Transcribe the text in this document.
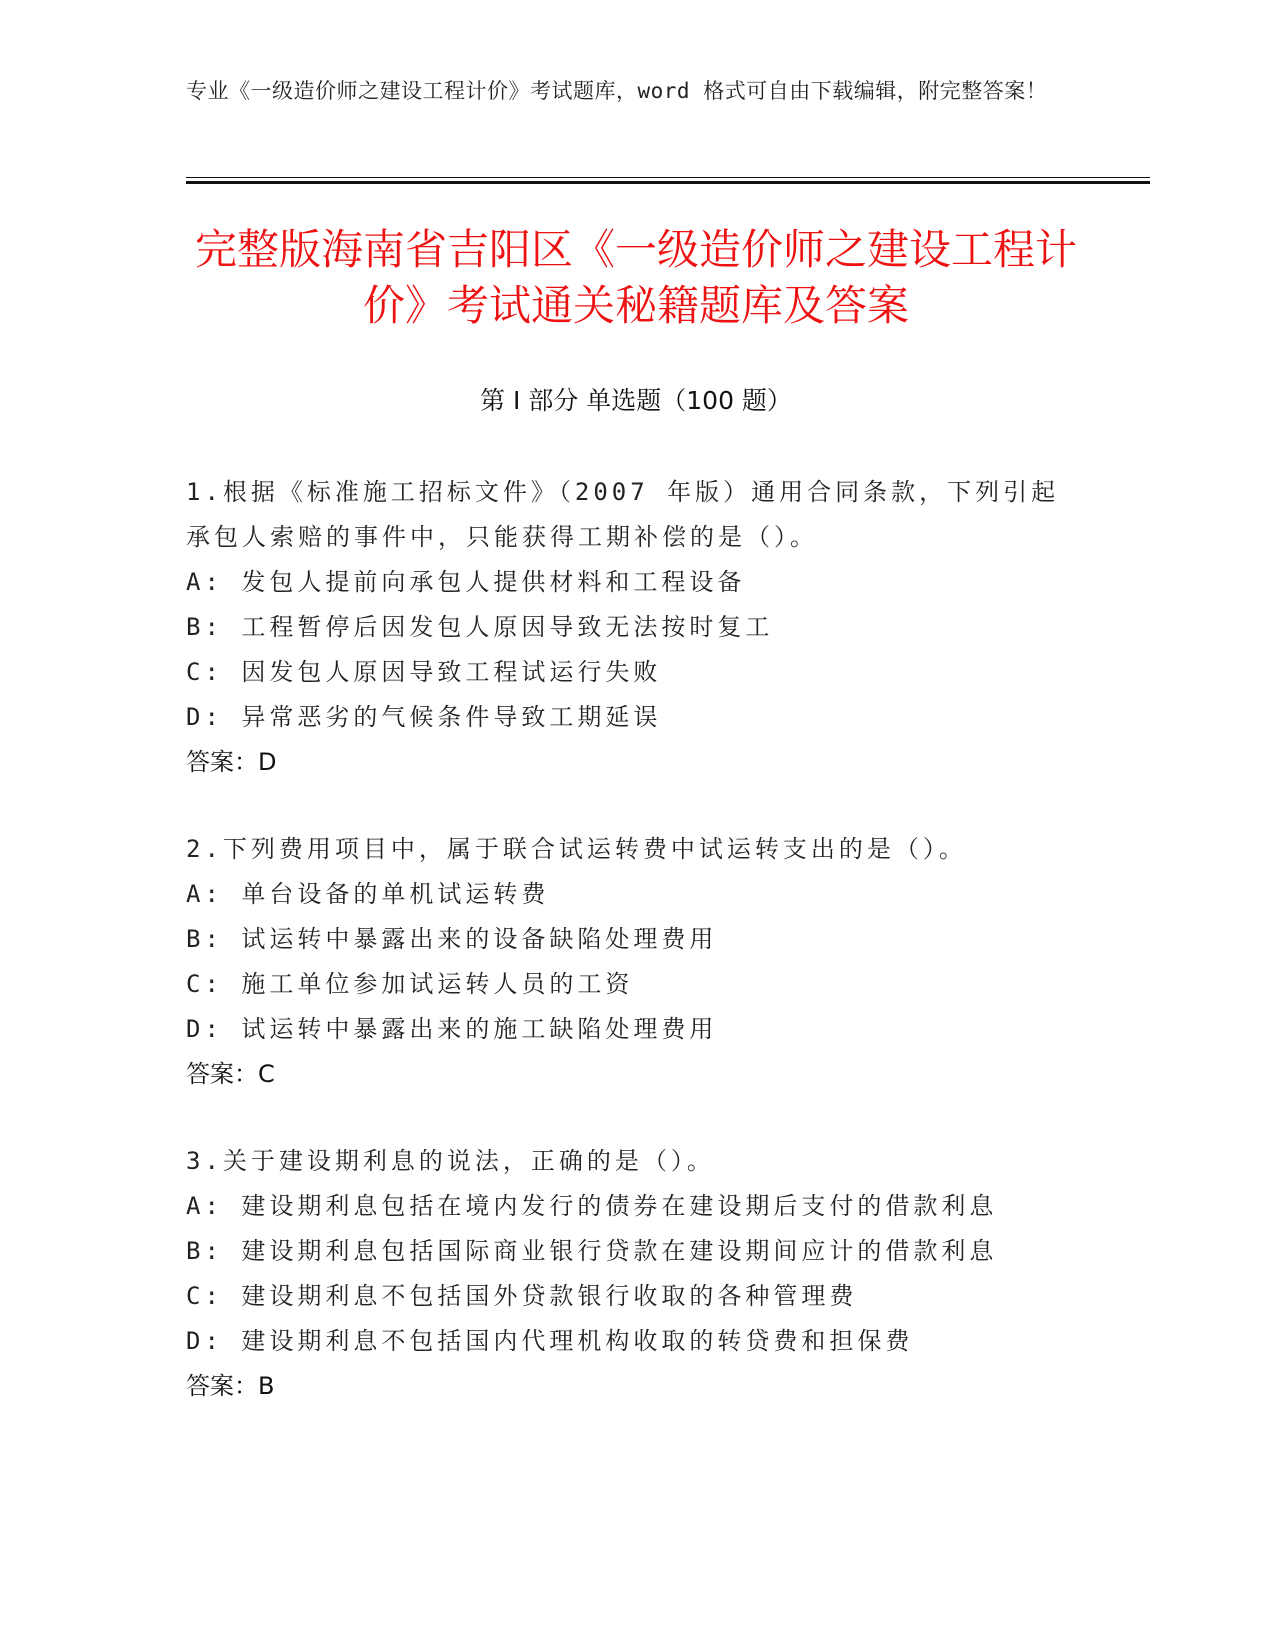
专业《一级造价师之建设工程计价》考试题库，word 格式可自由下载编辑，附完整答案！
完整版海南省吉阳区《一级造价师之建设工程计价》考试通关秘籍题库及答案
第 I 部分 单选题（100 题）
1.根据《标准施工招标文件》（2007 年版）通用合同条款，下列引起承包人索赔的事件中，只能获得工期补偿的是（）。
A: 发包人提前向承包人提供材料和工程设备
B: 工程暂停后因发包人原因导致无法按时复工
C: 因发包人原因导致工程试运行失败
D: 异常恶劣的气候条件导致工期延误
答案：D
2.下列费用项目中，属于联合试运转费中试运转支出的是（）。
A: 单台设备的单机试运转费
B: 试运转中暴露出来的设备缺陷处理费用
C: 施工单位参加试运转人员的工资
D: 试运转中暴露出来的施工缺陷处理费用
答案：C
3.关于建设期利息的说法，正确的是（）。
A: 建设期利息包括在境内发行的债券在建设期后支付的借款利息
B: 建设期利息包括国际商业银行贷款在建设期间应计的借款利息
C: 建设期利息不包括国外贷款银行收取的各种管理费
D: 建设期利息不包括国内代理机构收取的转贷费和担保费
答案：B
